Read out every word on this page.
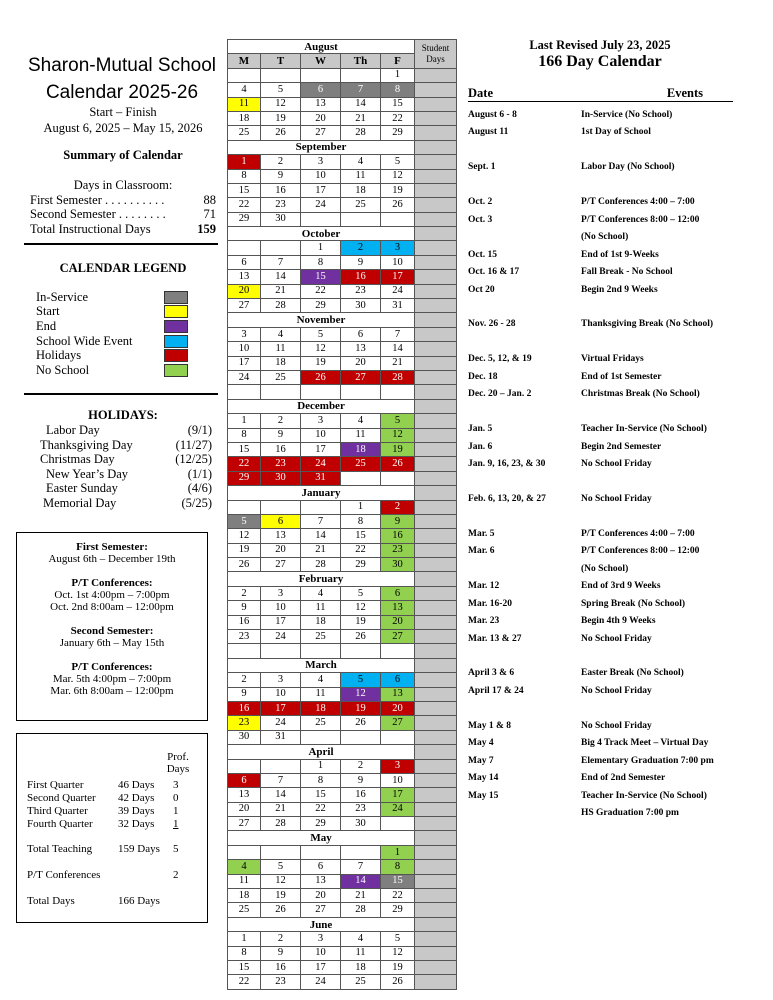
Sharon-Mutual School
Calendar 2025-26
Start – Finish
August 6, 2025 – May 15, 2026
Summary of Calendar
Days in Classroom:
First Semester . . . . . . . . . .	88
Second Semester . . . . . . . .	71
Total Instructional Days	159
CALENDAR LEGEND
In-Service
Start
End
School Wide Event
Holidays
No School
HOLIDAYS:
Labor Day	(9/1)
Thanksgiving Day	(11/27)
Christmas Day	(12/25)
New Year’s Day	(1/1)
Easter Sunday	(4/6)
Memorial Day	(5/25)
First Semester:
August 6th – December 19th
P/T Conferences:
Oct. 1st 4:00pm – 7:00pm
Oct. 2nd 8:00am – 12:00pm
Second Semester:
January 6th – May 15th
P/T Conferences:
Mar. 5th 4:00pm – 7:00pm
Mar. 6th 8:00am – 12:00pm
Prof.
Days
First Quarter	46 Days 3
Second Quarter 42 Days 0
Third Quarter	39 Days 1
Fourth Quarter 32 Days 1
Total Teaching 159 Days 5
P/T Conferences	2
Total Days	166 Days
August					Student Days
M	T	W	Th	F	
				1	
4	5	6	7	8	
11	12	13	14	15	
18	19	20	21	22	
25	26	27	28	29	
September					
1	2	3	4	5	
8	9	10	11	12	
15	16	17	18	19	
22	23	24	25	26	
29	30				
October					
		1	2	3	
6	7	8	9	10	
13	14	15	16	17	
20	21	22	23	24	
27	28	29	30	31	
November					
3	4	5	6	7	
10	11	12	13	14	
17	18	19	20	21	
24	25	26	27	28	

December					
1	2	3	4	5	
8	9	10	11	12	
15	16	17	18	19	
22	23	24	25	26	
29	30	31			
January					
			1	2	
5	6	7	8	9	
12	13	14	15	16	
19	20	21	22	23	
26	27	28	29	30	
February					
2	3	4	5	6	
9	10	11	12	13	
16	17	18	19	20	
23	24	25	26	27	

March					
2	3	4	5	6	
9	10	11	12	13	
16	17	18	19	20	
23	24	25	26	27	
30	31				
April					
		1	2	3	
6	7	8	9	10	
13	14	15	16	17	
20	21	22	23	24	
27	28	29	30		
May					
				1	
4	5	6	7	8	
11	12	13	14	15	
18	19	20	21	22	
25	26	27	28	29	
June					
1	2	3	4	5	
8	9	10	11	12	
15	16	17	18	19	
22	23	24	25	26	
Last Revised July 23, 2025
166 Day Calendar
Date	Events
August 6 - 8	In-Service (No School)
August 11	1st Day of School
Sept. 1	Labor Day (No School)
Oct. 2	P/T Conferences 4:00 – 7:00
Oct. 3	P/T Conferences 8:00 – 12:00
(No School)
Oct. 15	End of 1st 9-Weeks
Oct. 16 & 17	Fall Break - No School
Oct 20	Begin 2nd 9 Weeks
Nov. 26 - 28	Thanksgiving Break (No School)
Dec. 5, 12, & 19	Virtual Fridays
Dec. 18	End of 1st Semester
Dec. 20 – Jan. 2	Christmas Break (No School)
Jan. 5	Teacher In-Service (No School)
Jan. 6	Begin 2nd Semester
Jan. 9, 16, 23, & 30	No School Friday
Feb. 6, 13, 20, & 27	No School Friday
Mar. 5	P/T Conferences 4:00 – 7:00
Mar. 6	P/T Conferences 8:00 – 12:00
(No School)
Mar. 12	End of 3rd 9 Weeks
Mar. 16-20	Spring Break (No School)
Mar. 23	Begin 4th 9 Weeks
Mar. 13 & 27	No School Friday
April 3 & 6	Easter Break (No School)
April 17 & 24	No School Friday
May 1 & 8	No School Friday
May 4	Big 4 Track Meet – Virtual Day
May 7	Elementary Graduation 7:00 pm
May 14	End of 2nd Semester
May 15	Teacher In-Service (No School)
HS Graduation 7:00 pm
